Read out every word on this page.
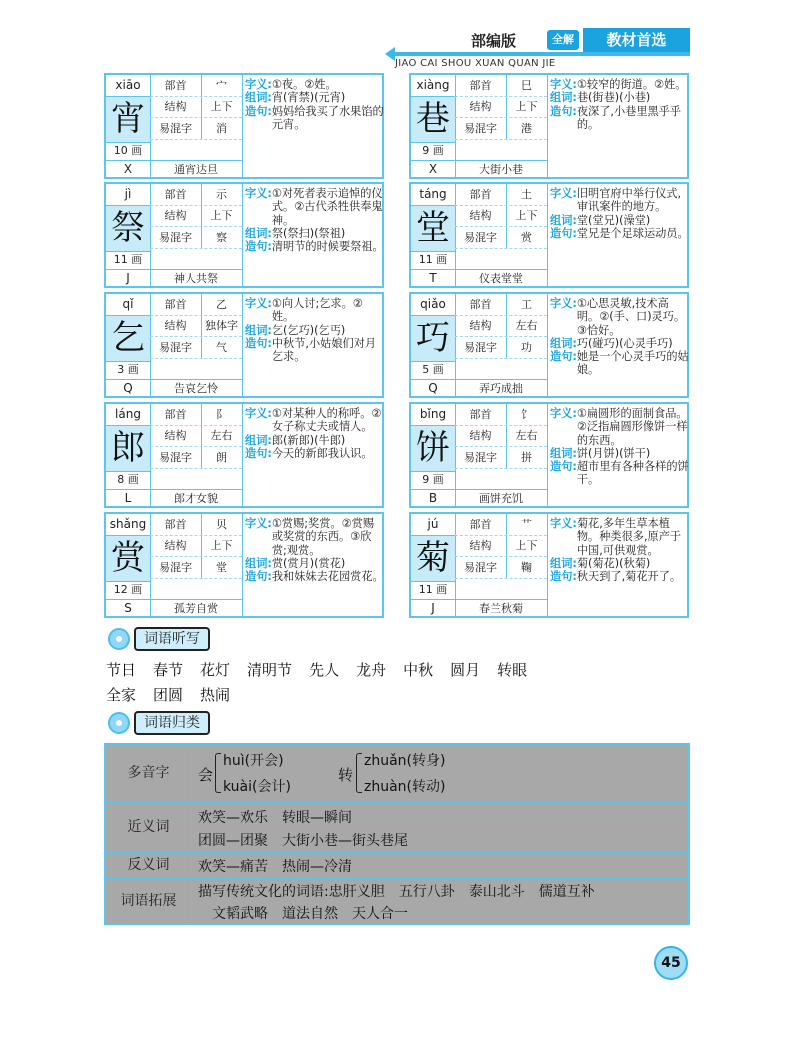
部编版	全解	教材首选
JIAO CAI SHOU XUAN QUAN JIE
xiāo
宵
10 画
X
部首	宀
结构	上下
易混字	消
通宵达旦
字义: ①夜。②姓。
组词: 宵(宵禁)(元宵)
造句: 妈妈给我买了水果馅的元宵。
xiàng
巷
9 画
X
部首	巳
结构	上下
易混字	港
大街小巷
字义: ①较窄的街道。②姓。
组词: 巷(街巷)(小巷)
造句: 夜深了,小巷里黑乎乎的。
jì
祭
11 画
J
部首	示
结构	上下
易混字	察
神人共祭
字义: ①对死者表示追悼的仪式。②古代杀牲供奉鬼神。
组词: 祭(祭扫)(祭祖)
造句: 清明节的时候要祭祖。
táng
堂
11 画
T
部首	土
结构	上下
易混字	赏
仪表堂堂
字义: 旧明官府中举行仪式,审讯案件的地方。
组词: 堂(堂兄)(澡堂)
造句: 堂兄是个足球运动员。
qǐ
乞
3 画
Q
部首	乙
结构	独体字
易混字	气
告哀乞怜
字义: ①向人讨;乞求。②姓。
组词: 乞(乞巧)(乞丐)
造句: 中秋节,小姑娘们对月乞求。
qiǎo
巧
5 画
Q
部首	工
结构	左右
易混字	功
弄巧成拙
字义: ①心思灵敏,技术高明。②(手、口)灵巧。③恰好。
组词: 巧(碰巧)(心灵手巧)
造句: 她是一个心灵手巧的姑娘。
láng
郎
8 画
L
部首	阝
结构	左右
易混字	朗
郎才女貌
字义: ①对某种人的称呼。②女子称丈夫或情人。
组词: 郎(新郎)(牛郎)
造句: 今天的新郎我认识。
bǐng
饼
9 画
B
部首	饣
结构	左右
易混字	拼
画饼充饥
字义: ①扁圆形的面制食品。②泛指扁圆形像饼一样的东西。
组词: 饼(月饼)(饼干)
造句: 超市里有各种各样的饼干。
shǎng
赏
12 画
S
部首	贝
结构	上下
易混字	堂
孤芳自赏
字义: ①赏赐;奖赏。②赏赐或奖赏的东西。③欣赏;观赏。
组词: 赏(赏月)(赏花)
造句: 我和妹妹去花园赏花。
jú
菊
11 画
J
部首	艹
结构	上下
易混字	鞠
春兰秋菊
字义: 菊花,多年生草本植物。种类很多,原产于中国,可供观赏。
组词: 菊(菊花)(秋菊)
造句: 秋天到了,菊花开了。
词语听写
节日 春节 花灯 清明节 先人 龙舟 中秋 圆月 转眼
全家 团圆 热闹
词语归类
多音字	会
huì(开会)
kuài(会计)
转
zhuǎn(转身)
zhuàn(转动)
近义词
欢笑—欢乐　转眼—瞬间
团圆—团聚　大街小巷—街头巷尾
反义词	欢笑—痛苦　热闹—冷清
词语拓展
描写传统文化的词语:忠肝义胆　五行八卦　泰山北斗　儒道互补
文韬武略　道法自然　天人合一
45
